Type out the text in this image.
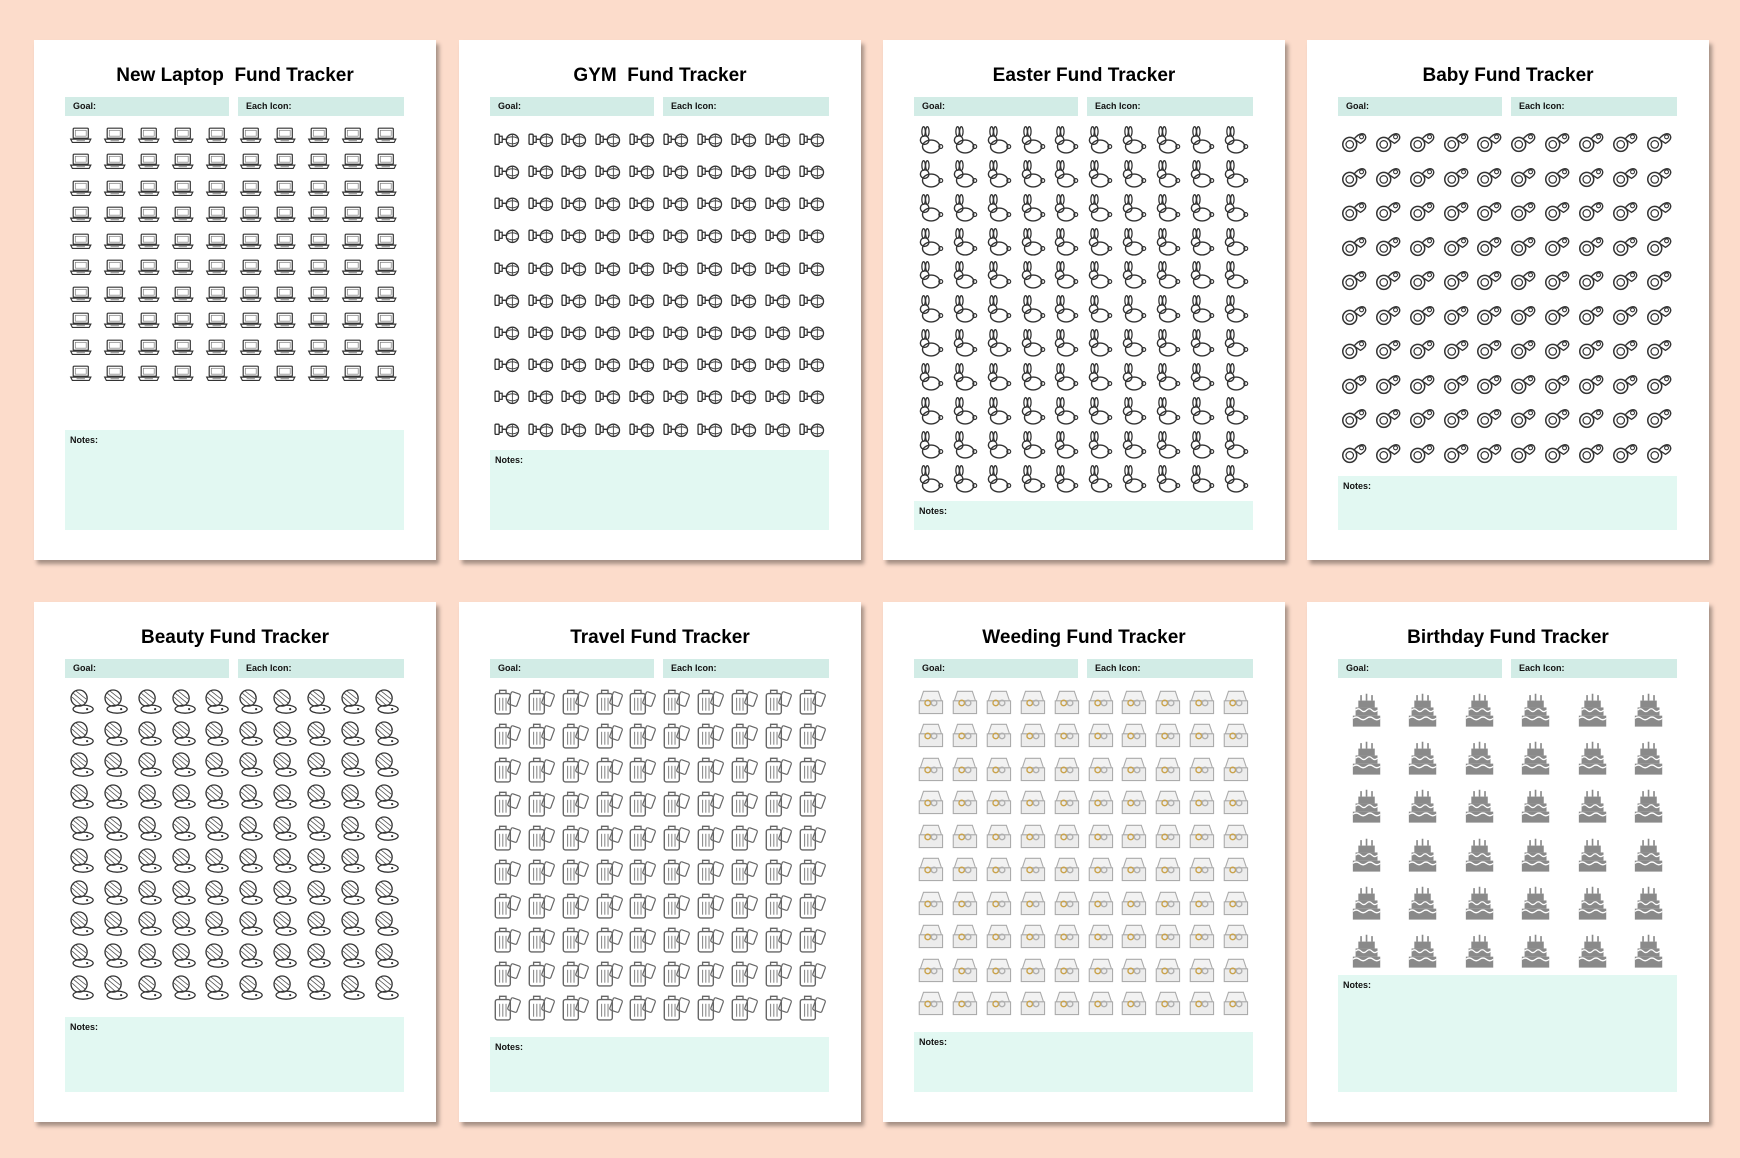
New Laptop  Fund Tracker
Goal:	Each Icon:
Notes:
GYM  Fund Tracker
Goal:	Each Icon:
Notes:
Easter Fund Tracker
Goal:	Each Icon:
Notes:
Baby Fund Tracker
Goal:	Each Icon:
Notes:
Beauty Fund Tracker
Goal:	Each Icon:
Notes:
Travel Fund Tracker
Goal:	Each Icon:
Notes:
Weeding Fund Tracker
Goal:	Each Icon:
Notes:
Birthday Fund Tracker
Goal:	Each Icon:
Notes:
